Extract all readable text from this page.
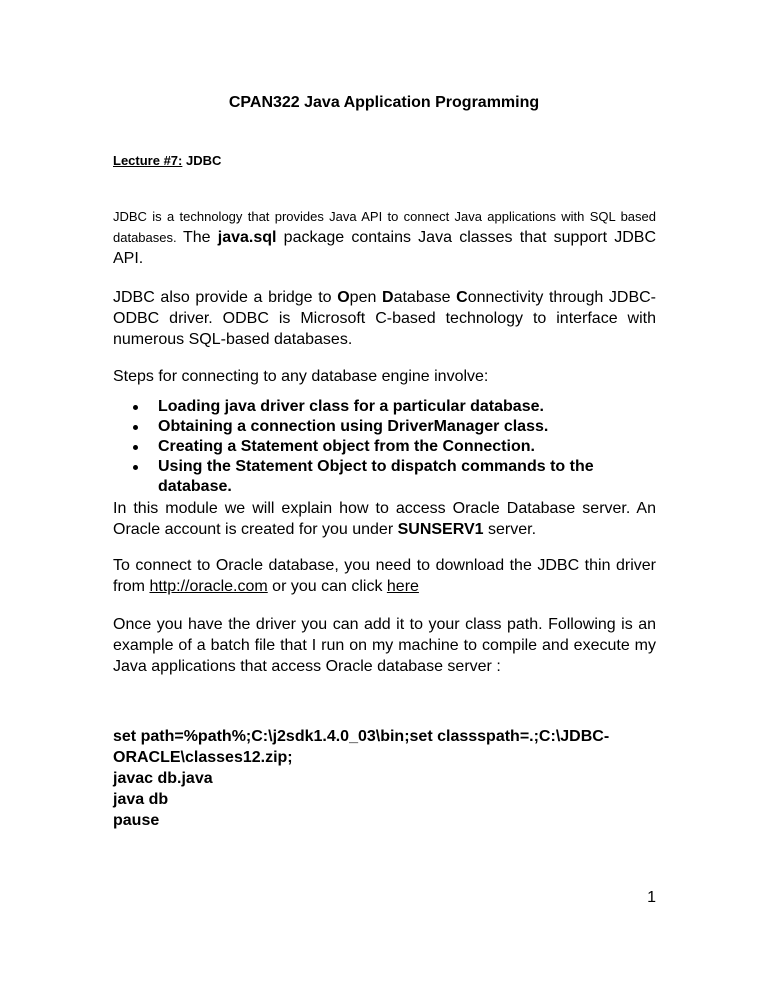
CPAN322 Java Application Programming
Lecture #7: JDBC
JDBC is a technology that provides Java API to connect Java applications with SQL based databases. The java.sql package contains Java classes that support JDBC API.
JDBC also provide a bridge to Open Database Connectivity through JDBC-ODBC driver. ODBC is Microsoft C-based technology to interface with numerous SQL-based databases.
Steps for connecting to any database engine involve:
Loading java driver class for a particular database.
Obtaining a connection using DriverManager class.
Creating a Statement object from the Connection.
Using the Statement Object to dispatch commands to the database.
In this module we will explain how to access Oracle Database server. An Oracle account is created for you under SUNSERV1 server.
To connect to Oracle database, you need to download the JDBC thin driver from http://oracle.com or you can click here
Once you have the driver you can add it to your class path. Following is an example of a batch file that I run on my machine to compile and execute my Java applications that access Oracle database server :
set path=%path%;C:\j2sdk1.4.0_03\bin;set classspath=.;C:\JDBC-
ORACLE\classes12.zip;
javac db.java
java db
pause
1
